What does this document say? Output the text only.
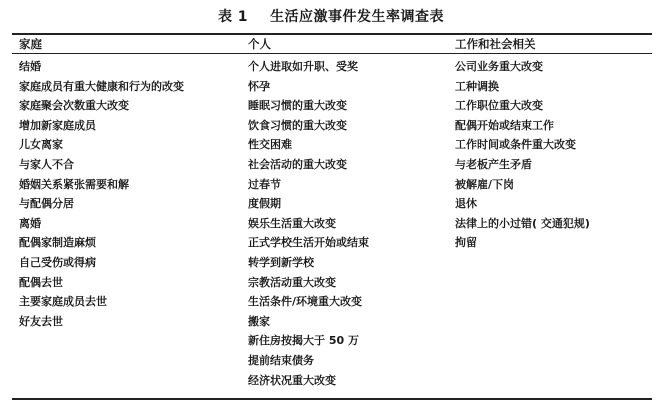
表 1 生活应激事件发生率调查表
家庭
结婚
家庭成员有重大健康和行为的改变
家庭聚会次数重大改变
增加新家庭成员
儿女离家
与家人不合
婚姻关系紧张需要和解
与配偶分居
离婚
配偶家制造麻烦
自己受伤或得病
配偶去世
主要家庭成员去世
好友去世
个人
个人进取如升职、受奖
怀孕
睡眠习惯的重大改变
饮食习惯的重大改变
性交困难
社会活动的重大改变
过春节
度假期
娱乐生活重大改变
正式学校生活开始或结束
转学到新学校
宗教活动重大改变
生活条件/环境重大改变
搬家
新住房按揭大于 50 万
提前结束债务
经济状况重大改变
工作和社会相关
公司业务重大改变
工种调换
工作职位重大改变
配偶开始或结束工作
工作时间或条件重大改变
与老板产生矛盾
被解雇/下岗
退休
法律上的小过错( 交通犯规)
拘留
